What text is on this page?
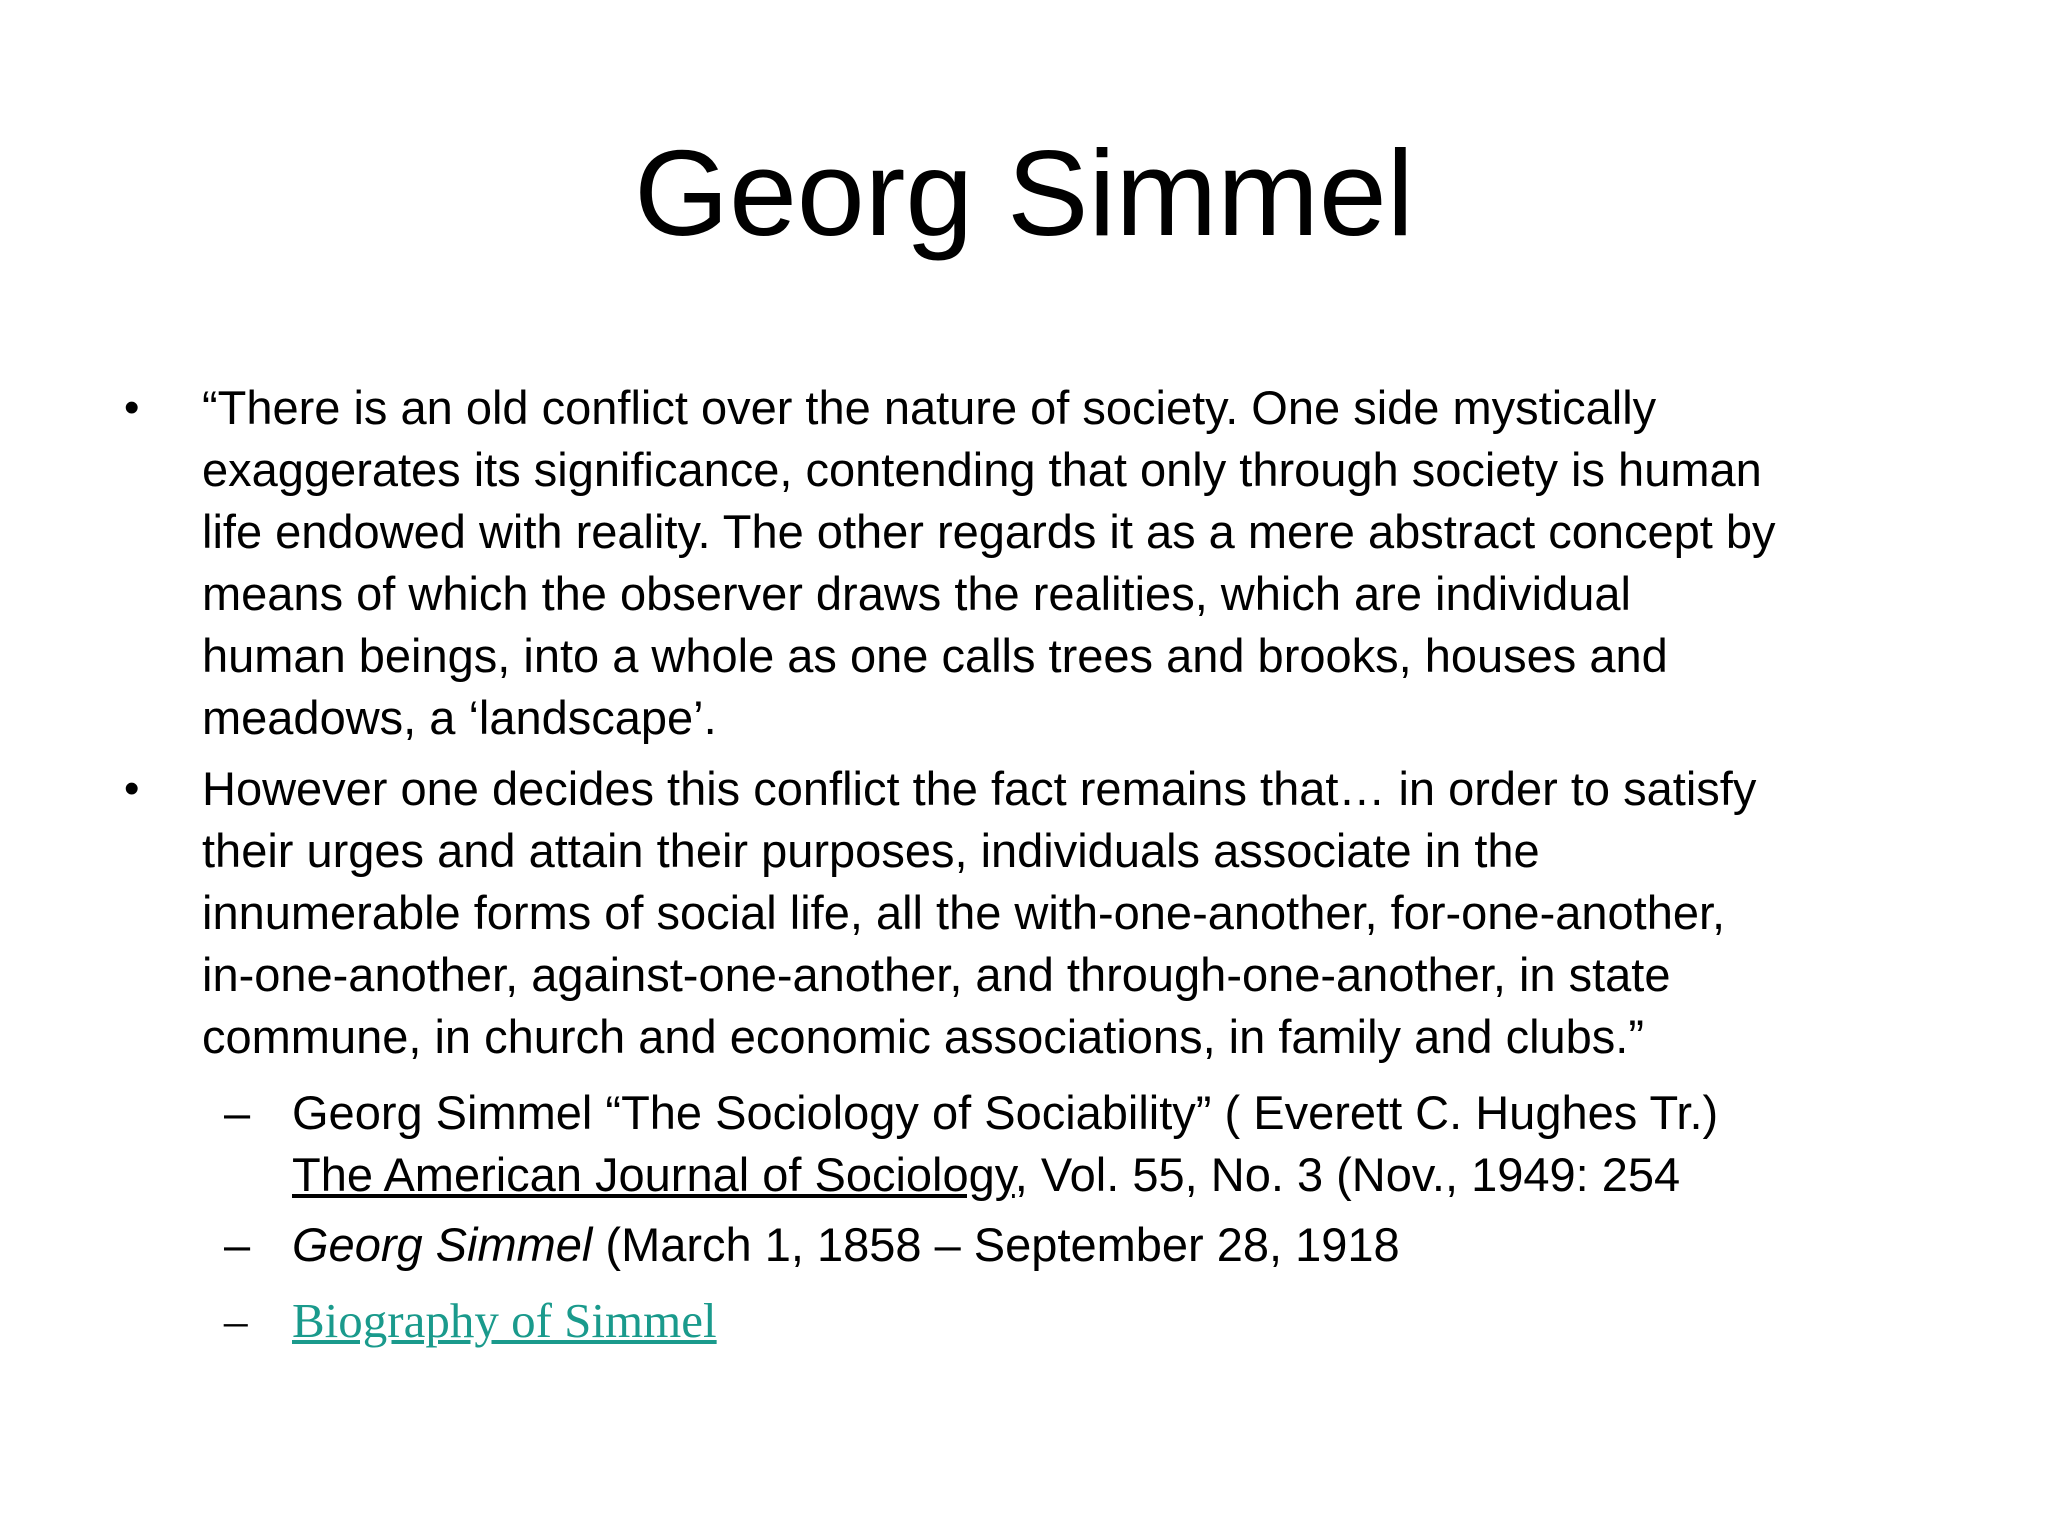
Georg Simmel
• “There is an old conflict over the nature of society. One side mystically
exaggerates its significance, contending that only through society is human
life endowed with reality. The other regards it as a mere abstract concept by
means of which the observer draws the realities, which are individual
human beings, into a whole as one calls trees and brooks, houses and
meadows, a ‘landscape’.

• However one decides this conflict the fact remains that… in order to satisfy
their urges and attain their purposes, individuals associate in the
innumerable forms of social life, all the with-one-another, for-one-another,
in-one-another, against-one-another, and through-one-another, in state
commune, in church and economic associations, in family and clubs.”

– Georg Simmel “The Sociology of Sociability” ( Everett C. Hughes Tr.)
The American Journal of Sociology, Vol. 55, No. 3 (Nov., 1949: 254
– Georg Simmel (March 1, 1858 – September 28, 1918
– Biography of Simmel
